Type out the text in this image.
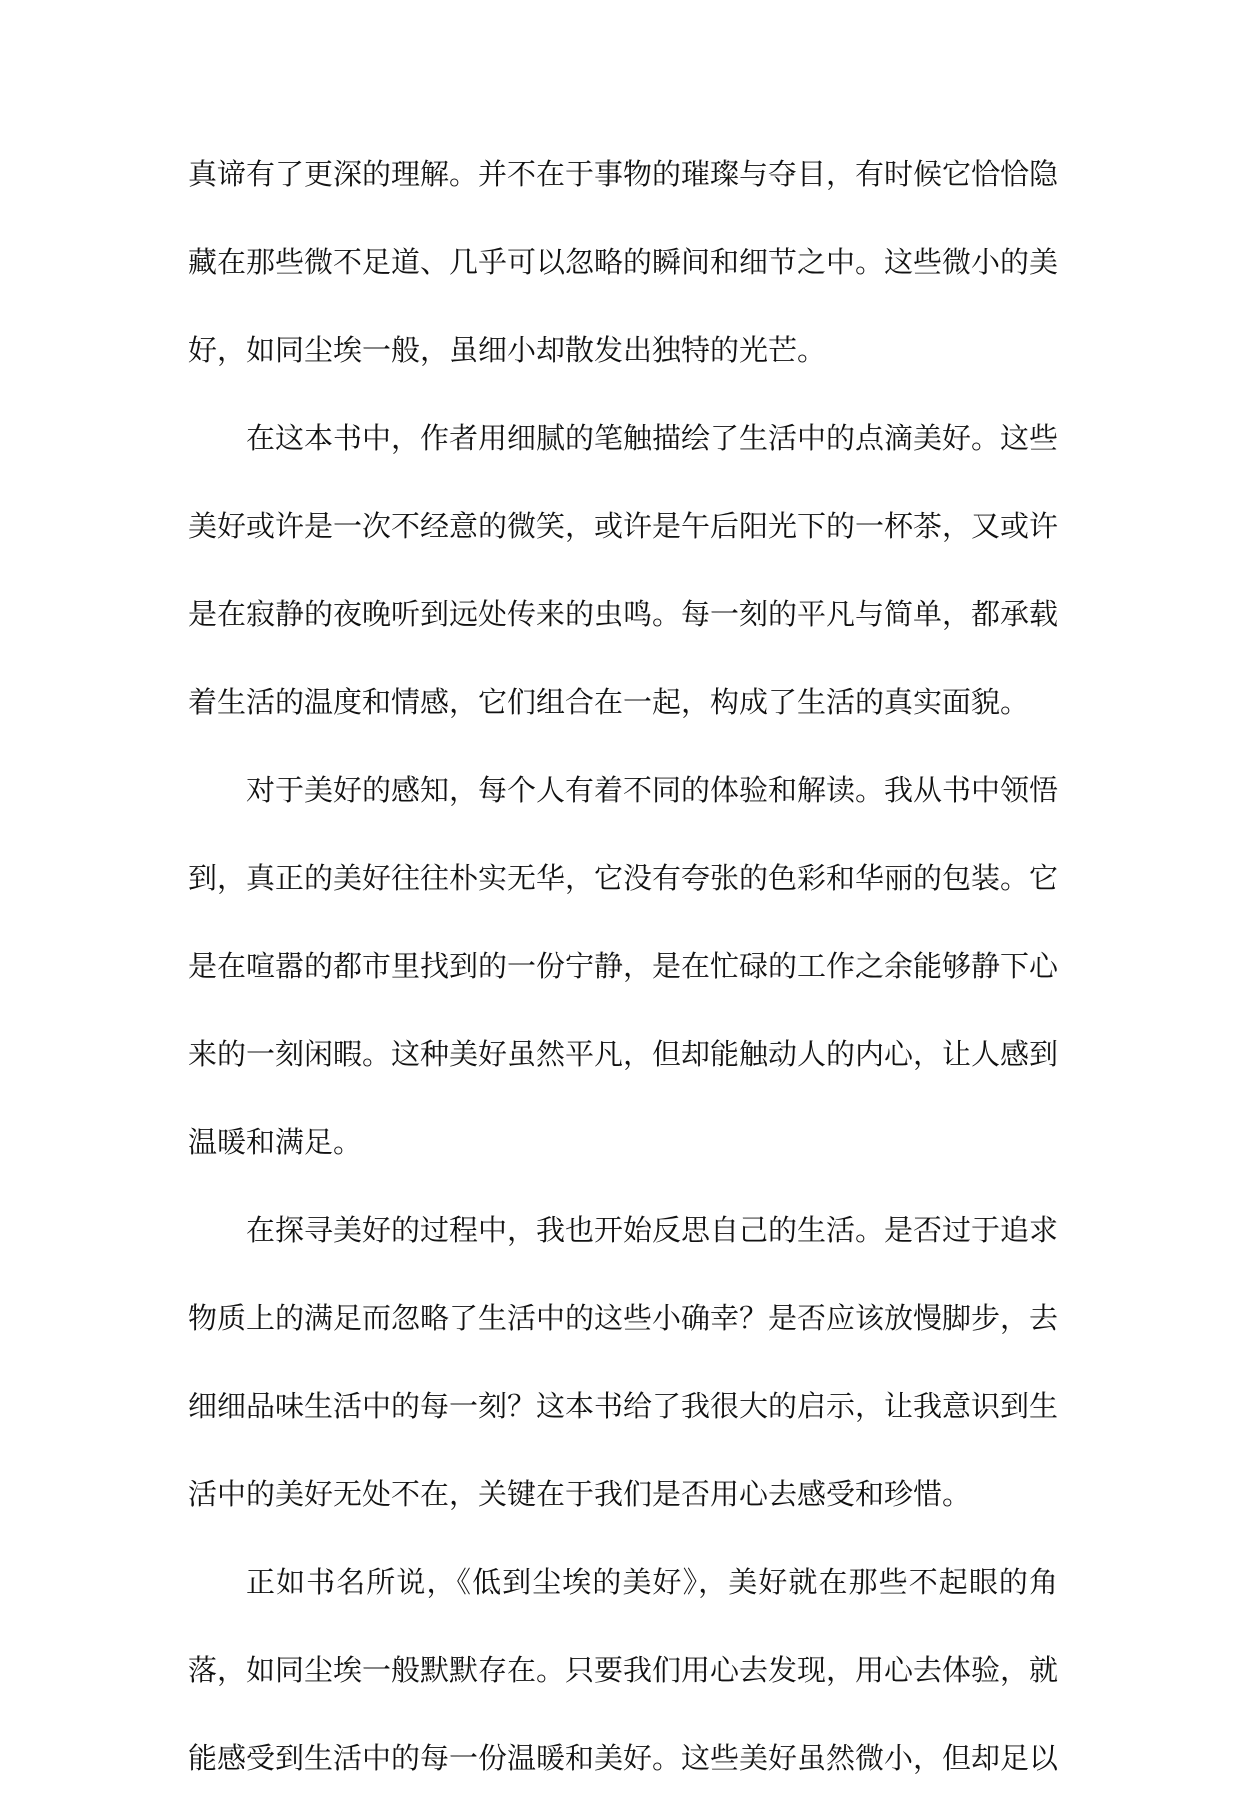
真谛有了更深的理解。并不在于事物的璀璨与夺目，有时候它恰恰隐
藏在那些微不足道、几乎可以忽略的瞬间和细节之中。这些微小的美
好，如同尘埃一般，虽细小却散发出独特的光芒。
在这本书中，作者用细腻的笔触描绘了生活中的点滴美好。这些
美好或许是一次不经意的微笑，或许是午后阳光下的一杯茶，又或许
是在寂静的夜晚听到远处传来的虫鸣。每一刻的平凡与简单，都承载
着生活的温度和情感，它们组合在一起，构成了生活的真实面貌。
对于美好的感知，每个人有着不同的体验和解读。我从书中领悟
到，真正的美好往往朴实无华，它没有夸张的色彩和华丽的包装。它
是在喧嚣的都市里找到的一份宁静，是在忙碌的工作之余能够静下心
来的一刻闲暇。这种美好虽然平凡，但却能触动人的内心，让人感到
温暖和满足。
在探寻美好的过程中，我也开始反思自己的生活。是否过于追求
物质上的满足而忽略了生活中的这些小确幸？是否应该放慢脚步，去
细细品味生活中的每一刻？这本书给了我很大的启示，让我意识到生
活中的美好无处不在，关键在于我们是否用心去感受和珍惜。
正如书名所说，《低到尘埃的美好》，美好就在那些不起眼的角
落，如同尘埃一般默默存在。只要我们用心去发现，用心去体验，就
能感受到生活中的每一份温暖和美好。这些美好虽然微小，但却足以
